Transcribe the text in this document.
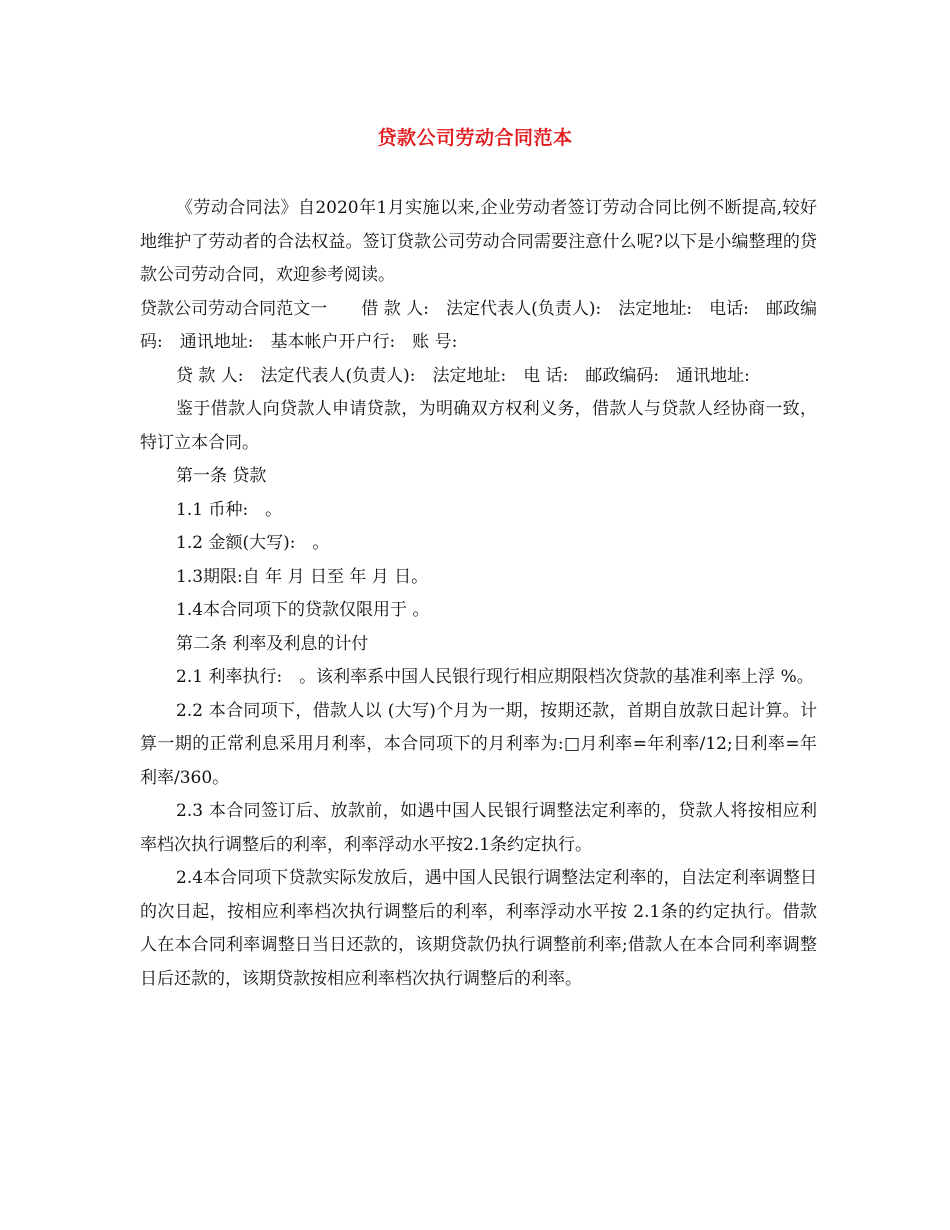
贷款公司劳动合同范本

《劳动合同法》自2020年1月实施以来,企业劳动者签订劳动合同比例不断提高,较好地维护了劳动者的合法权益。签订贷款公司劳动合同需要注意什么呢?以下是小编整理的贷款公司劳动合同，欢迎参考阅读。

贷款公司劳动合同范文一　　借 款 人:　法定代表人(负责人):　法定地址:　电话:　邮政编码:　通讯地址:　基本帐户开户行:　账 号:

贷 款 人:　法定代表人(负责人):　法定地址:　电 话:　邮政编码:　通讯地址:

鉴于借款人向贷款人申请贷款，为明确双方权利义务，借款人与贷款人经协商一致，特订立本合同。

第一条 贷款

1.1 币种:　。

1.2 金额(大写):　。

1.3期限:自 年 月 日至 年 月 日。

1.4本合同项下的贷款仅限用于 。

第二条 利率及利息的计付

2.1 利率执行:　。该利率系中国人民银行现行相应期限档次贷款的基准利率上浮 %。

2.2 本合同项下，借款人以 (大写)个月为一期，按期还款，首期自放款日起计算。计算一期的正常利息采用月利率，本合同项下的月利率为:□月利率=年利率/12;日利率=年利率/360。

2.3 本合同签订后、放款前，如遇中国人民银行调整法定利率的，贷款人将按相应利率档次执行调整后的利率，利率浮动水平按2.1条约定执行。

2.4本合同项下贷款实际发放后，遇中国人民银行调整法定利率的，自法定利率调整日的次日起，按相应利率档次执行调整后的利率，利率浮动水平按 2.1条的约定执行。借款人在本合同利率调整日当日还款的，该期贷款仍执行调整前利率;借款人在本合同利率调整日后还款的，该期贷款按相应利率档次执行调整后的利率。
